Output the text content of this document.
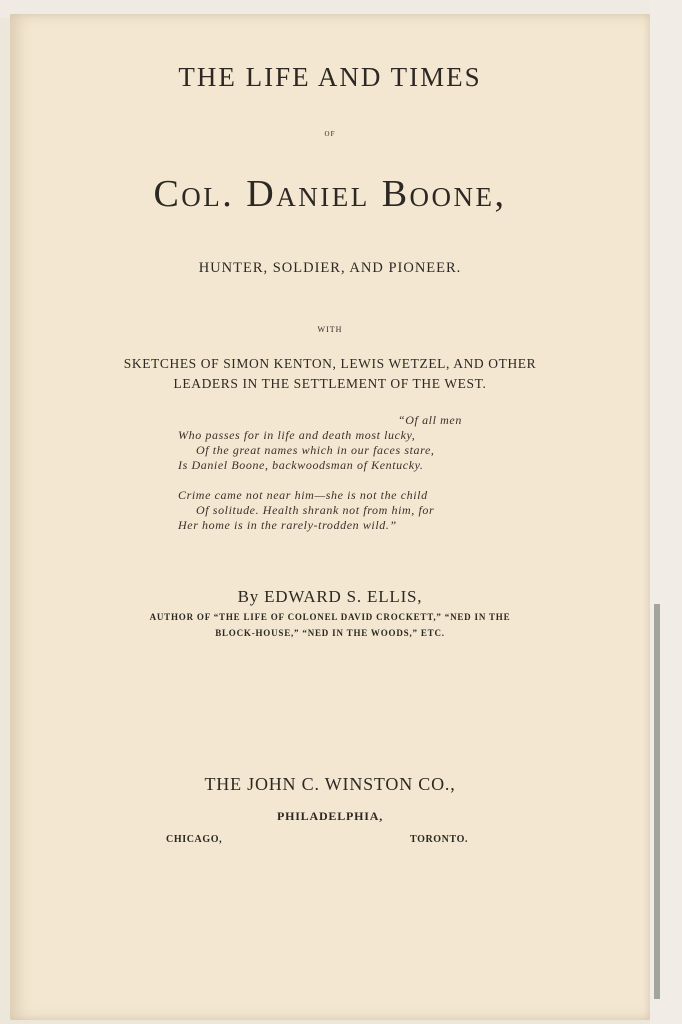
THE LIFE AND TIMES
OF
Col. Daniel Boone,
HUNTER, SOLDIER, AND PIONEER.
WITH
SKETCHES OF SIMON KENTON, LEWIS WETZEL, AND OTHER
LEADERS IN THE SETTLEMENT OF THE WEST.
“Of all men
Who passes for in life and death most lucky,
Of the great names which in our faces stare,
Is Daniel Boone, backwoodsman of Kentucky.
Crime came not near him—she is not the child
Of solitude. Health shrank not from him, for
Her home is in the rarely-trodden wild.”
By EDWARD S. ELLIS,
AUTHOR OF “THE LIFE OF COLONEL DAVID CROCKETT,” “NED IN THE
BLOCK-HOUSE,” “NED IN THE WOODS,” ETC.
THE JOHN C. WINSTON CO.,
PHILADELPHIA,
CHICAGO,	TORONTO.
